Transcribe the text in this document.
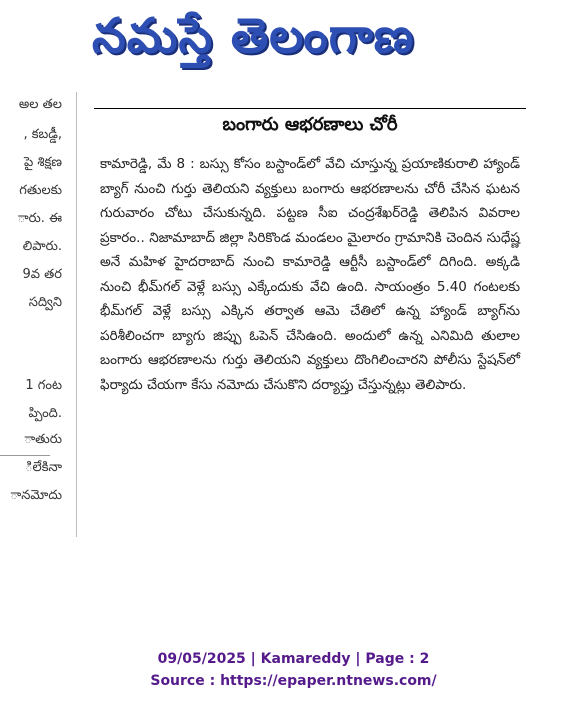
నమస్తే తెలంగాణ
అల తల
, కబడ్డీ,
పై శిక్షణ
గతులకు
ారు. ఈ
లిపారు.
9వ తర
సద్విని
1 గంట
ప్పింది.
ాతురు
ిలేకినా
ానమోదు
బంగారు ఆభరణాలు చోరీ
కామారెడ్డి, మే 8 : బస్సు కోసం బస్టాండ్‌లో వేచి చూస్తున్న ప్రయాణికురాలి హ్యాండ్ బ్యాగ్ నుంచి గుర్తు తెలియని వ్యక్తులు బంగారు ఆభరణాలను చోరీ చేసిన ఘటన గురువారం చోటు చేసుకున్నది. పట్టణ సీఐ చంద్రశేఖర్‌రెడ్డి తెలిపిన వివరాల ప్రకారం.. నిజామాబాద్ జిల్లా సిరికొండ మండలం మైలారం గ్రామానికి చెందిన సుధేష్ణ అనే మహిళ హైదరాబాద్ నుంచి కామారెడ్డి ఆర్టీసీ బస్టాండ్‌లో దిగింది. అక్కడి నుంచి భీమ్‌గల్ వెళ్లే బస్సు ఎక్కేందుకు వేచి ఉంది. సాయంత్రం 5.40 గంటలకు భీమ్‌గల్ వెళ్లే బస్సు ఎక్కిన తర్వాత ఆమె చేతిలో ఉన్న హ్యాండ్ బ్యాగ్‌ను పరిశీలించగా బ్యాగు జిప్పు ఓపెన్ చేసిఉంది. అందులో ఉన్న ఎనిమిది తులాల బంగారు ఆభరణాలను గుర్తు తెలియని వ్యక్తులు దొంగిలించారని పోలీసు స్టేషన్‌లో ఫిర్యాదు చేయగా కేసు నమోదు చేసుకొని దర్యాప్తు చేస్తున్నట్లు తెలిపారు.
09/05/2025 | Kamareddy | Page : 2
Source : https://epaper.ntnews.com/
